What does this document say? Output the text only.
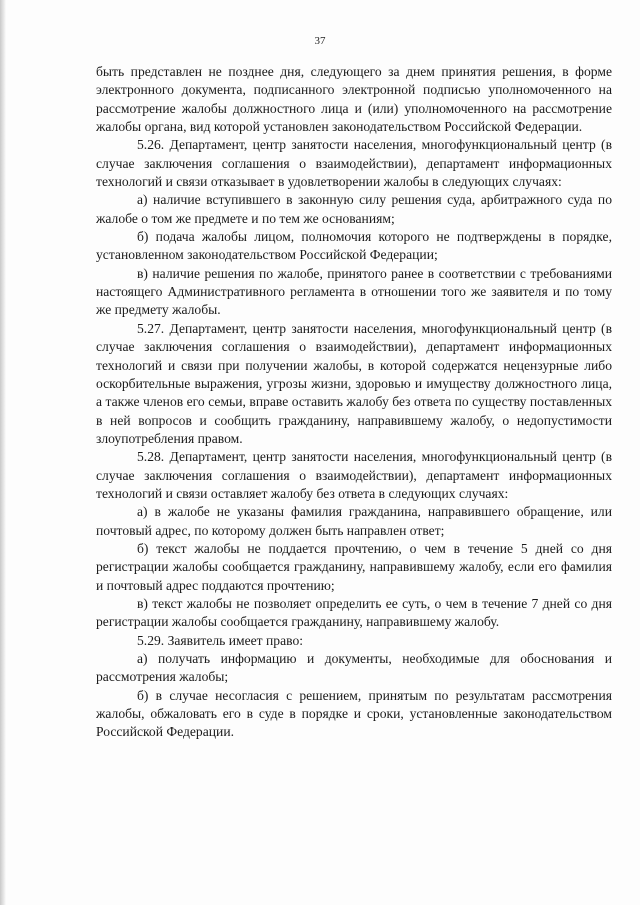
37

быть представлен не позднее дня, следующего за днем принятия решения, в форме электронного документа, подписанного электронной подписью уполномоченного на рассмотрение жалобы должностного лица и (или) уполномоченного на рассмотрение жалобы органа, вид которой установлен законодательством Российской Федерации.

5.26. Департамент, центр занятости населения, многофункциональный центр (в случае заключения соглашения о взаимодействии), департамент информационных технологий и связи отказывает в удовлетворении жалобы в следующих случаях:

а) наличие вступившего в законную силу решения суда, арбитражного суда по жалобе о том же предмете и по тем же основаниям;

б) подача жалобы лицом, полномочия которого не подтверждены в порядке, установленном законодательством Российской Федерации;

в) наличие решения по жалобе, принятого ранее в соответствии с требованиями настоящего Административного регламента в отношении того же заявителя и по тому же предмету жалобы.

5.27. Департамент, центр занятости населения, многофункциональный центр (в случае заключения соглашения о взаимодействии), департамент информационных технологий и связи при получении жалобы, в которой содержатся нецензурные либо оскорбительные выражения, угрозы жизни, здоровью и имуществу должностного лица, а также членов его семьи, вправе оставить жалобу без ответа по существу поставленных в ней вопросов и сообщить гражданину, направившему жалобу, о недопустимости злоупотребления правом.

5.28. Департамент, центр занятости населения, многофункциональный центр (в случае заключения соглашения о взаимодействии), департамент информационных технологий и связи оставляет жалобу без ответа в следующих случаях:

а) в жалобе не указаны фамилия гражданина, направившего обращение, или почтовый адрес, по которому должен быть направлен ответ;

б) текст жалобы не поддается прочтению, о чем в течение 5 дней со дня регистрации жалобы сообщается гражданину, направившему жалобу, если его фамилия и почтовый адрес поддаются прочтению;

в) текст жалобы не позволяет определить ее суть, о чем в течение 7 дней со дня регистрации жалобы сообщается гражданину, направившему жалобу.

5.29. Заявитель имеет право:

а) получать информацию и документы, необходимые для обоснования и рассмотрения жалобы;

б) в случае несогласия с решением, принятым по результатам рассмотрения жалобы, обжаловать его в суде в порядке и сроки, установленные законодательством Российской Федерации.
